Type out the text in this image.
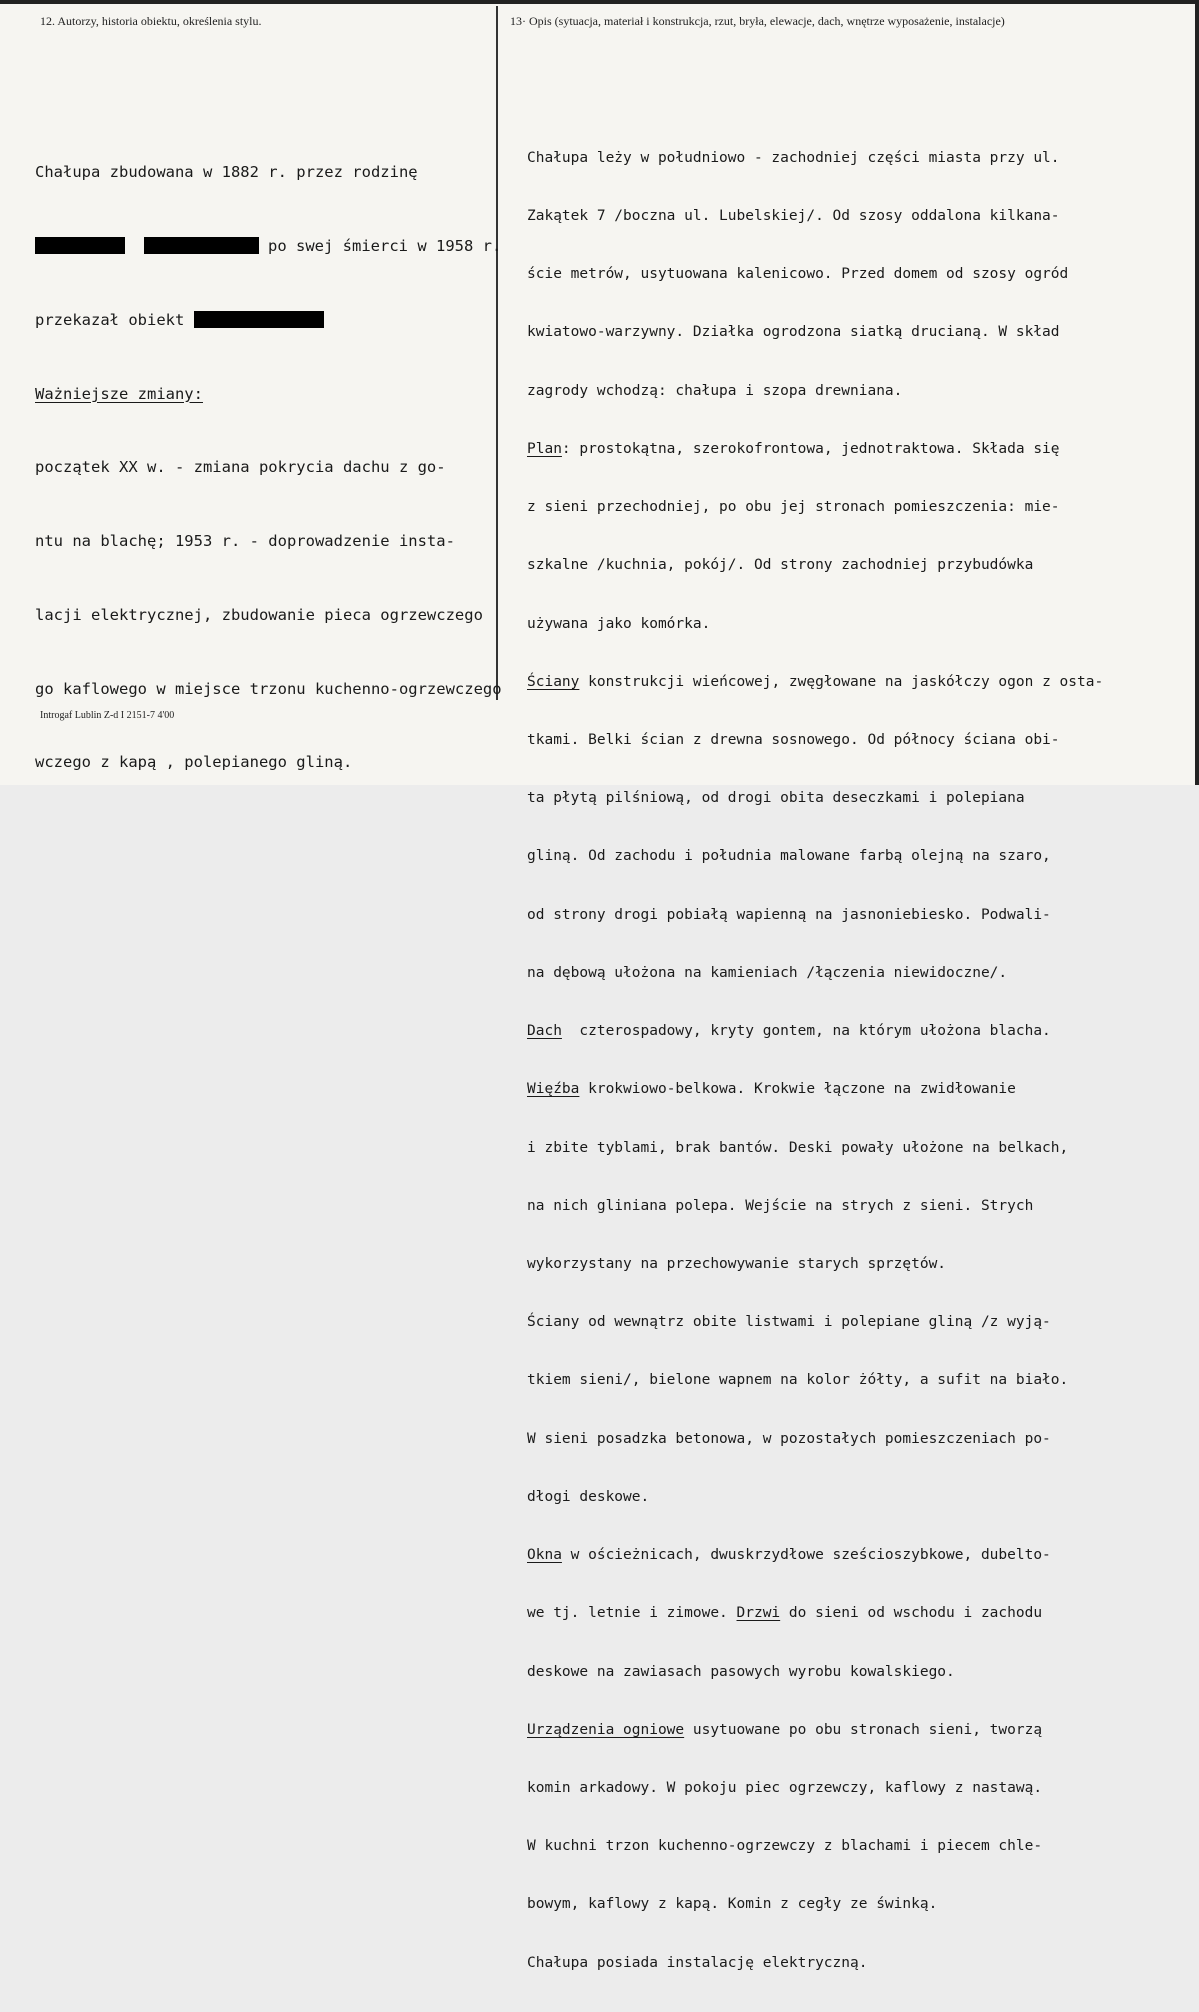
12. Autorzy, historia obiektu, określenia stylu.	13· Opis (sytuacja, materiał i konstrukcja, rzut, bryła, elewacje, dach, wnętrze wyposażenie, instalacje)

Chałupa zbudowana w 1882 r. przez rodzinę

po swej śmierci w 1958 r.

przekazał obiekt

Ważniejsze zmiany:

początek XX w. - zmiana pokrycia dachu z go-

ntu na blachę; 1953 r. - doprowadzenie insta-

lacji elektrycznej, zbudowanie pieca ogrzewczego

go kaflowego w miejsce trzonu kuchenno-ogrzewczego

wczego z kapą , polepianego gliną.

Chałupa leży w południowo - zachodniej części miasta przy ul.

Zakątek 7 /boczna ul. Lubelskiej/. Od szosy oddalona kilkana-

ście metrów, usytuowana kalenicowo. Przed domem od szosy ogród

kwiatowo-warzywny. Działka ogrodzona siatką drucianą. W skład

zagrody wchodzą: chałupa i szopa drewniana.

Plan: prostokątna, szerokofrontowa, jednotraktowa. Składa się

z sieni przechodniej, po obu jej stronach pomieszczenia: mie-

szkalne /kuchnia, pokój/. Od strony zachodniej przybudówka

używana jako komórka.

Ściany konstrukcji wieńcowej, zwęgłowane na jaskółczy ogon z osta-

tkami. Belki ścian z drewna sosnowego. Od północy ściana obi-

ta płytą pilśniową, od drogi obita deseczkami i polepiana

gliną. Od zachodu i południa malowane farbą olejną na szaro,

od strony drogi pobiałą wapienną na jasnoniebiesko. Podwali-

na dębową ułożona na kamieniach /łączenia niewidoczne/.

Dach  czterospadowy, kryty gontem, na którym ułożona blacha.

Więźba krokwiowo-belkowa. Krokwie łączone na zwidłowanie

i zbite tyblami, brak bantów. Deski powały ułożone na belkach,

na nich gliniana polepa. Wejście na strych z sieni. Strych

wykorzystany na przechowywanie starych sprzętów.

Ściany od wewnątrz obite listwami i polepiane gliną /z wyją-

tkiem sieni/, bielone wapnem na kolor żółty, a sufit na biało.

W sieni posadzka betonowa, w pozostałych pomieszczeniach po-

dłogi deskowe.

Okna w ościeżnicach, dwuskrzydłowe sześcioszybkowe, dubelto-

we tj. letnie i zimowe. Drzwi do sieni od wschodu i zachodu

deskowe na zawiasach pasowych wyrobu kowalskiego.

Urządzenia ogniowe usytuowane po obu stronach sieni, tworzą

komin arkadowy. W pokoju piec ogrzewczy, kaflowy z nastawą.

W kuchni trzon kuchenno-ogrzewczy z blachami i piecem chle-

bowym, kaflowy z kapą. Komin z cegły ze świnką.

Chałupa posiada instalację elektryczną.

Introgaf Lublin Z-d I 2151-7 4'00
